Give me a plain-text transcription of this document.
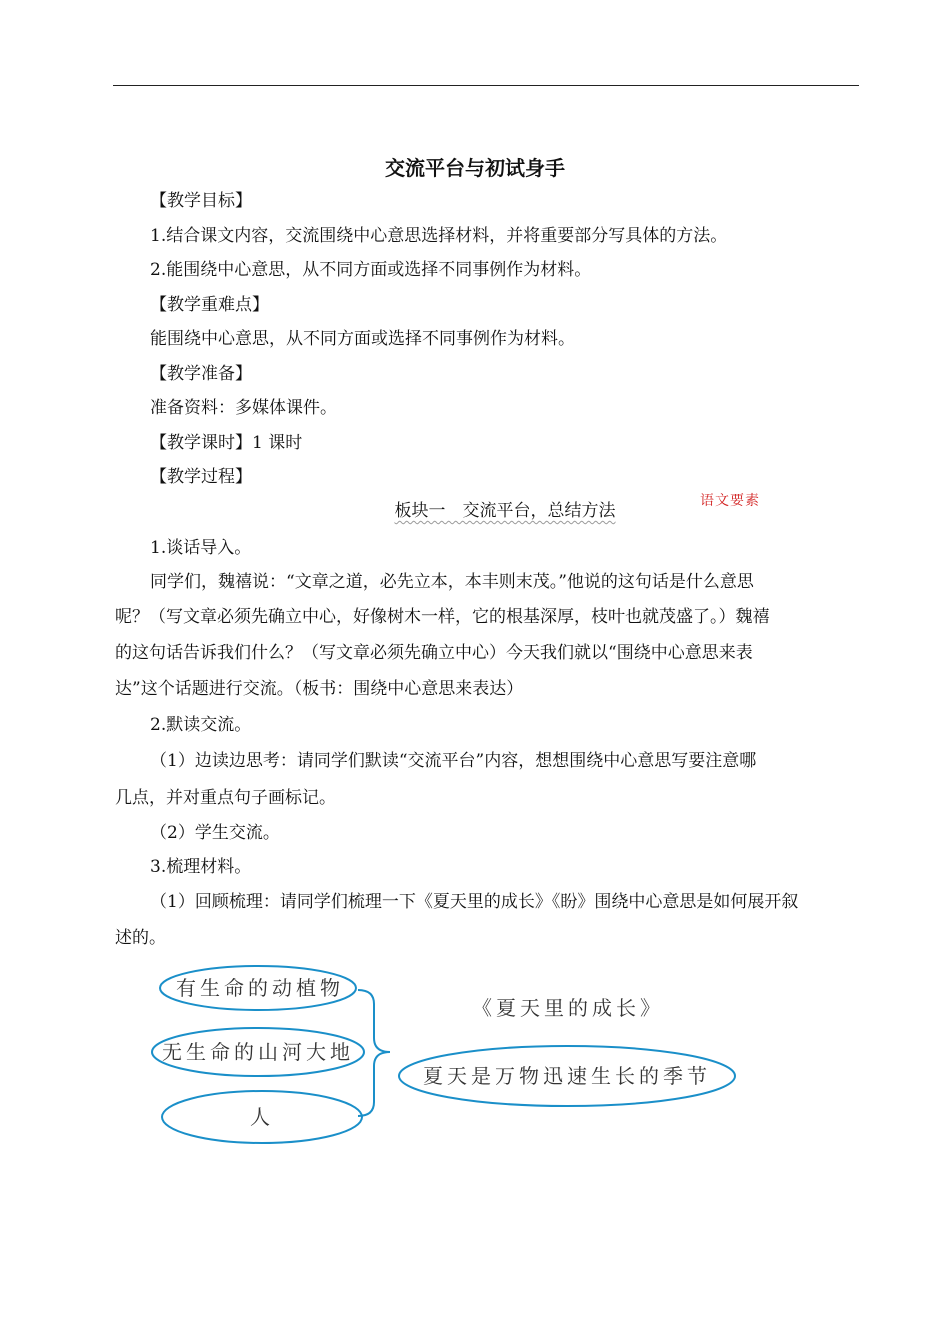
交流平台与初试身手
【教学目标】
1.结合课文内容，交流围绕中心意思选择材料，并将重要部分写具体的方法。
2.能围绕中心意思，从不同方面或选择不同事例作为材料。
【教学重难点】
能围绕中心意思，从不同方面或选择不同事例作为材料。
【教学准备】
准备资料：多媒体课件。
【教学课时】1 课时
【教学过程】
板块一　交流平台，总结方法	语文要素
1.谈话导入。
同学们，魏禧说：“文章之道，必先立本，本丰则末茂。”他说的这句话是什么意思
呢？（写文章必须先确立中心，好像树木一样，它的根基深厚，枝叶也就茂盛了。）魏禧
的这句话告诉我们什么？（写文章必须先确立中心）今天我们就以“围绕中心意思来表
达”这个话题进行交流。（板书：围绕中心意思来表达）
2.默读交流。
（1）边读边思考：请同学们默读“交流平台”内容，想想围绕中心意思写要注意哪
几点，并对重点句子画标记。
（2）学生交流。
3.梳理材料。
（1）回顾梳理：请同学们梳理一下《夏天里的成长》《盼》围绕中心意思是如何展开叙
述的。
有生命的动植物
无生命的山河大地
人
《夏天里的成长》
夏天是万物迅速生长的季节
